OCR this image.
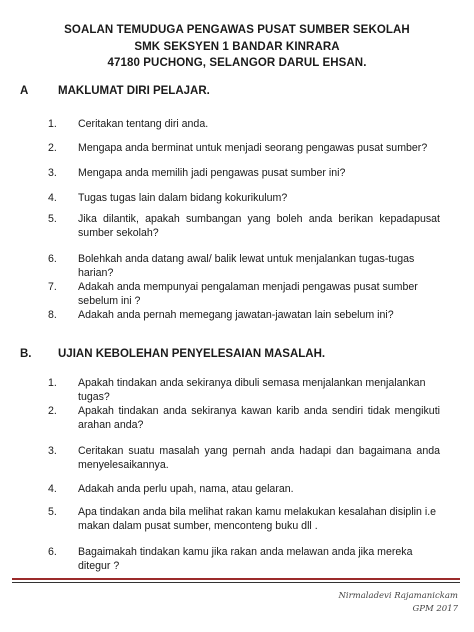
SOALAN TEMUDUGA PENGAWAS PUSAT SUMBER SEKOLAH
SMK SEKSYEN 1 BANDAR KINRARA
47180 PUCHONG, SELANGOR DARUL EHSAN.
A	MAKLUMAT DIRI PELAJAR.
1. Ceritakan tentang diri anda.
2. Mengapa anda berminat untuk menjadi seorang pengawas pusat sumber?
3. Mengapa anda memilih jadi pengawas pusat sumber ini?
4. Tugas tugas lain dalam bidang kokurikulum?
5. Jika dilantik, apakah sumbangan yang boleh anda berikan kepadapusat sumber sekolah?
6. Bolehkah anda datang awal/ balik lewat untuk menjalankan tugas-tugas harian?
7. Adakah anda mempunyai pengalaman menjadi pengawas pusat sumber sebelum ini ?
8. Adakah anda pernah memegang jawatan-jawatan lain sebelum ini?
B. UJIAN KEBOLEHAN PENYELESAIAN MASALAH.
1. Apakah tindakan anda sekiranya dibuli semasa menjalankan menjalankan tugas?
2. Apakah tindakan anda sekiranya kawan karib anda sendiri tidak mengikuti arahan anda?
3. Ceritakan suatu masalah yang pernah anda hadapi dan bagaimana anda menyelesaikannya.
4. Adakah anda perlu upah, nama, atau gelaran.
5. Apa tindakan anda bila melihat rakan kamu melakukan kesalahan disiplin i.e makan dalam pusat sumber, menconteng buku dll .
6. Bagaimakah tindakan kamu jika rakan anda melawan anda jika mereka ditegur ?
Nirmaladevi Rajamanickam
GPM 2017
